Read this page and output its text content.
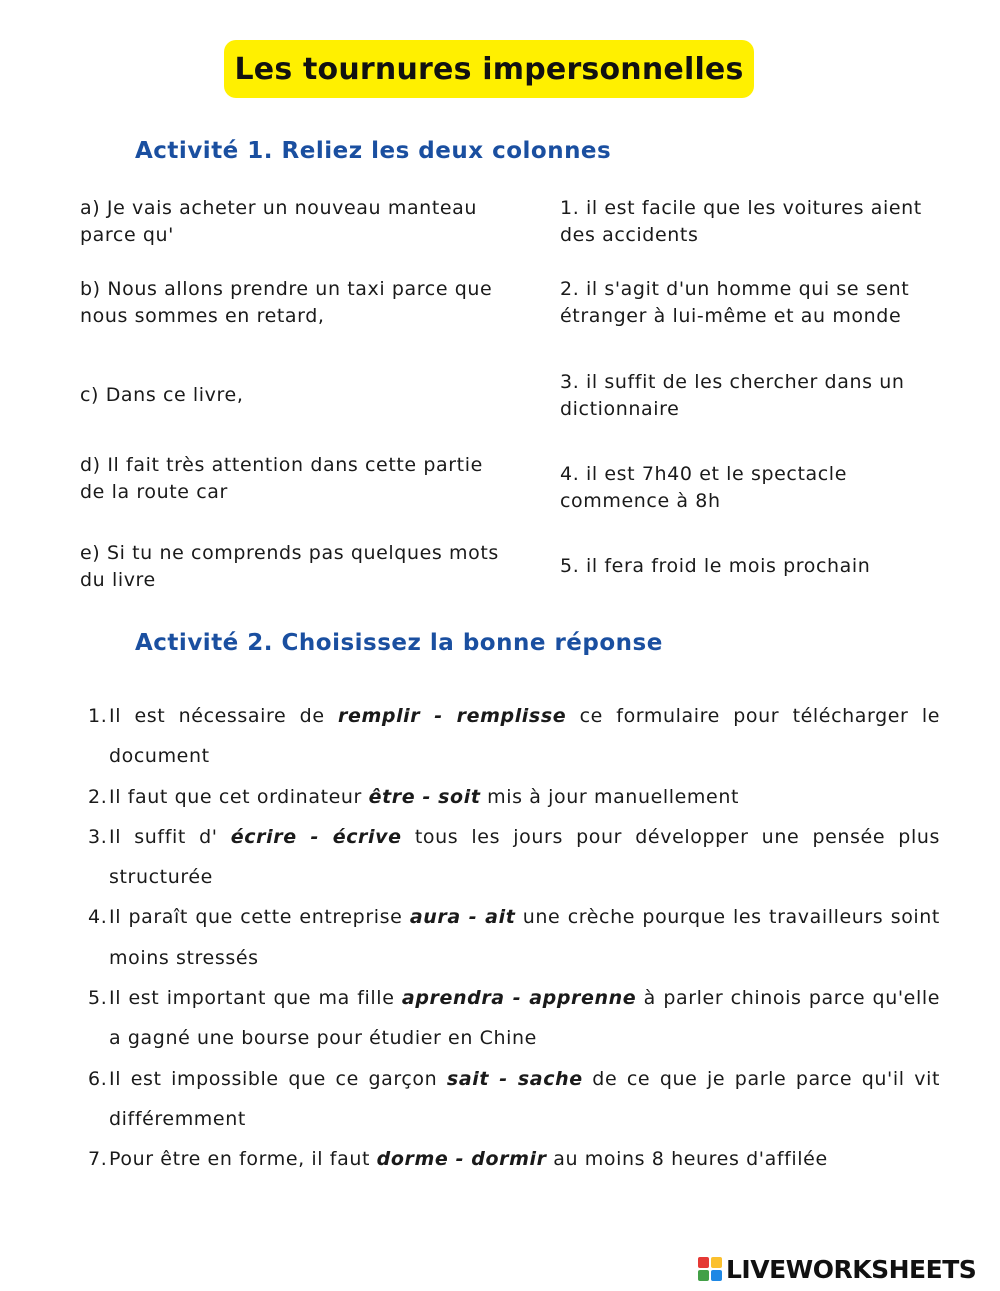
Les tournures impersonnelles
Activité 1. Reliez les deux colonnes
a) Je vais acheter un nouveau manteau parce qu'
b) Nous allons prendre un taxi parce que nous sommes en retard,
c) Dans ce livre,
d) Il fait très attention dans cette partie de la route car
e) Si tu ne comprends pas quelques mots du livre
1. il est facile que les voitures aient des accidents
2. il s'agit d'un homme qui se sent étranger à lui-même et au monde
3. il suffit de les chercher dans un dictionnaire
4. il est 7h40 et le spectacle commence à 8h
5. il fera froid le mois prochain
Activité 2. Choisissez la bonne réponse
1. Il est nécessaire de remplir - remplisse ce formulaire pour télécharger le document
2. Il faut que cet ordinateur être - soit mis à jour manuellement
3. Il suffit d' écrire - écrive tous les jours pour développer une pensée plus structurée
4. Il paraît que cette entreprise aura - ait une crèche pourque les travailleurs soint moins stressés
5. Il est important que ma fille aprendra - apprenne à parler chinois parce qu'elle a gagné une bourse pour étudier en Chine
6. Il est impossible que ce garçon sait - sache de ce que je parle parce qu'il vit différemment
7. Pour être en forme, il faut dorme - dormir au moins 8 heures d'affilée
LIVEWORKSHEETS
